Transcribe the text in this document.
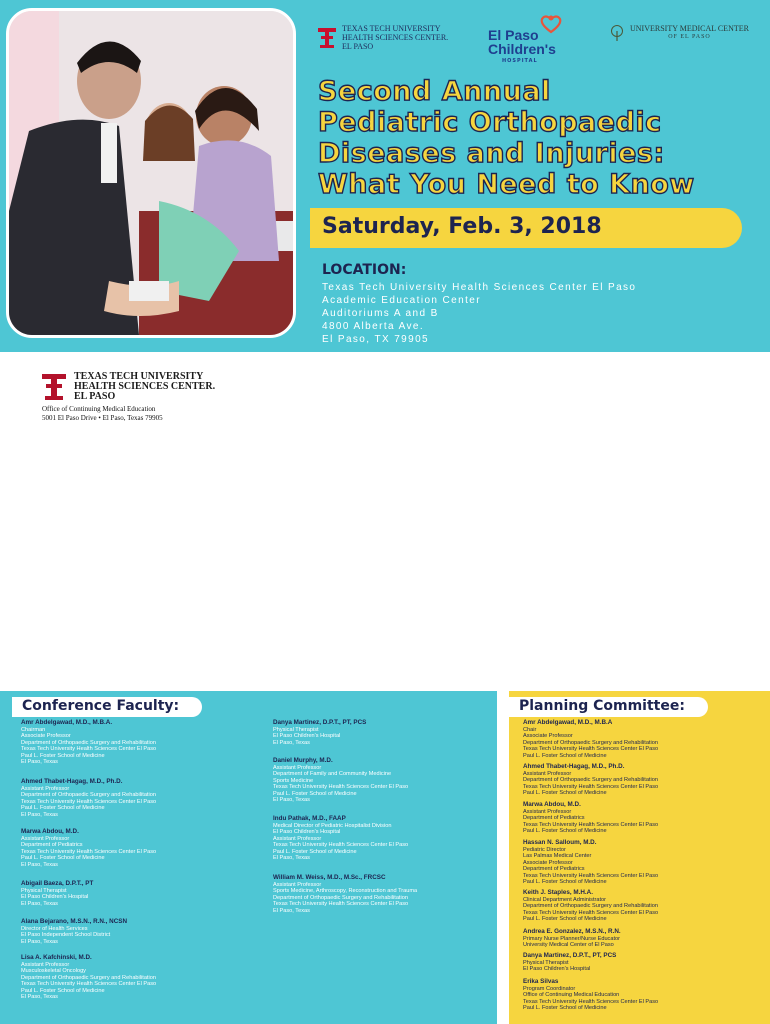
TEXAS TECH UNIVERSITY
HEALTH SCIENCES CENTER.
EL PASO
El Paso
Children's
HOSPITAL
UNIVERSITY MEDICAL CENTER
OF EL PASO
Second Annual
Pediatric Orthopaedic
Diseases and Injuries:
What You Need to Know
Saturday, Feb. 3, 2018
LOCATION:
Texas Tech University Health Sciences Center El Paso
Academic Education Center
Auditoriums A and B
4800 Alberta Ave.
El Paso, TX 79905
TEXAS TECH UNIVERSITY
HEALTH SCIENCES CENTER.
EL PASO
Office of Continuing Medical Education
5001 El Paso Drive • El Paso, Texas 79905
Conference Faculty:	Planning Committee:
Amr Abdelgawad, M.D., M.B.A.
Chairman
Associate Professor
Department of Orthopaedic Surgery and Rehabilitation
Texas Tech University Health Sciences Center El Paso
Paul L. Foster School of Medicine
El Paso, Texas
Ahmed Thabet-Hagag, M.D., Ph.D.
Assistant Professor
Department of Orthopaedic Surgery and Rehabilitation
Texas Tech University Health Sciences Center El Paso
Paul L. Foster School of Medicine
El Paso, Texas
Marwa Abdou, M.D.
Assistant Professor
Department of Pediatrics
Texas Tech University Health Sciences Center El Paso
Paul L. Foster School of Medicine
El Paso, Texas
Abigail Baeza, D.P.T., PT
Physical Therapist
El Paso Children's Hospital
El Paso, Texas
Alana Bejarano, M.S.N., R.N., NCSN
Director of Health Services
El Paso Independent School District
El Paso, Texas
Lisa A. Kafchinski, M.D.
Assistant Professor
Musculoskeletal Oncology
Department of Orthopaedic Surgery and Rehabilitation
Texas Tech University Health Sciences Center El Paso
Paul L. Foster School of Medicine
El Paso, Texas
Danya Martinez, D.P.T., PT, PCS
Physical Therapist
El Paso Children's Hospital
El Paso, Texas
Daniel Murphy, M.D.
Assistant Professor
Department of Family and Community Medicine
Sports Medicine
Texas Tech University Health Sciences Center El Paso
Paul L. Foster School of Medicine
El Paso, Texas
Indu Pathak, M.D., FAAP
Medical Director of Pediatric Hospitalist Division
El Paso Children's Hospital
Assistant Professor
Texas Tech University Health Sciences Center El Paso
Paul L. Foster School of Medicine
El Paso, Texas
William M. Weiss, M.D., M.Sc., FRCSC
Assistant Professor
Sports Medicine, Arthroscopy, Reconstruction and Trauma
Department of Orthopaedic Surgery and Rehabilitation
Texas Tech University Health Sciences Center El Paso
El Paso, Texas
Amr Abdelgawad, M.D., M.B.A
Chair
Associate Professor
Department of Orthopaedic Surgery and Rehabilitation
Texas Tech University Health Sciences Center El Paso
Paul L. Foster School of Medicine
Ahmed Thabet-Hagag, M.D., Ph.D.
Assistant Professor
Department of Orthopaedic Surgery and Rehabilitation
Texas Tech University Health Sciences Center El Paso
Paul L. Foster School of Medicine
Marwa Abdou, M.D.
Assistant Professor
Department of Pediatrics
Texas Tech University Health Sciences Center El Paso
Paul L. Foster School of Medicine
Hassan N. Salloum, M.D.
Pediatric Director
Las Palmas Medical Center
Associate Professor
Department of Pediatrics
Texas Tech University Health Sciences Center El Paso
Paul L. Foster School of Medicine
Keith J. Staples, M.H.A.
Clinical Department Administrator
Department of Orthopaedic Surgery and Rehabilitation
Texas Tech University Health Sciences Center El Paso
Paul L. Foster School of Medicine
Andrea E. Gonzalez, M.S.N., R.N.
Primary Nurse Planner/Nurse Educator
University Medical Center of El Paso
Danya Martinez, D.P.T., PT, PCS
Physical Therapist
El Paso Children's Hospital
Erika Silvas
Program Coordinator
Office of Continuing Medical Education
Texas Tech University Health Sciences Center El Paso
Paul L. Foster School of Medicine
